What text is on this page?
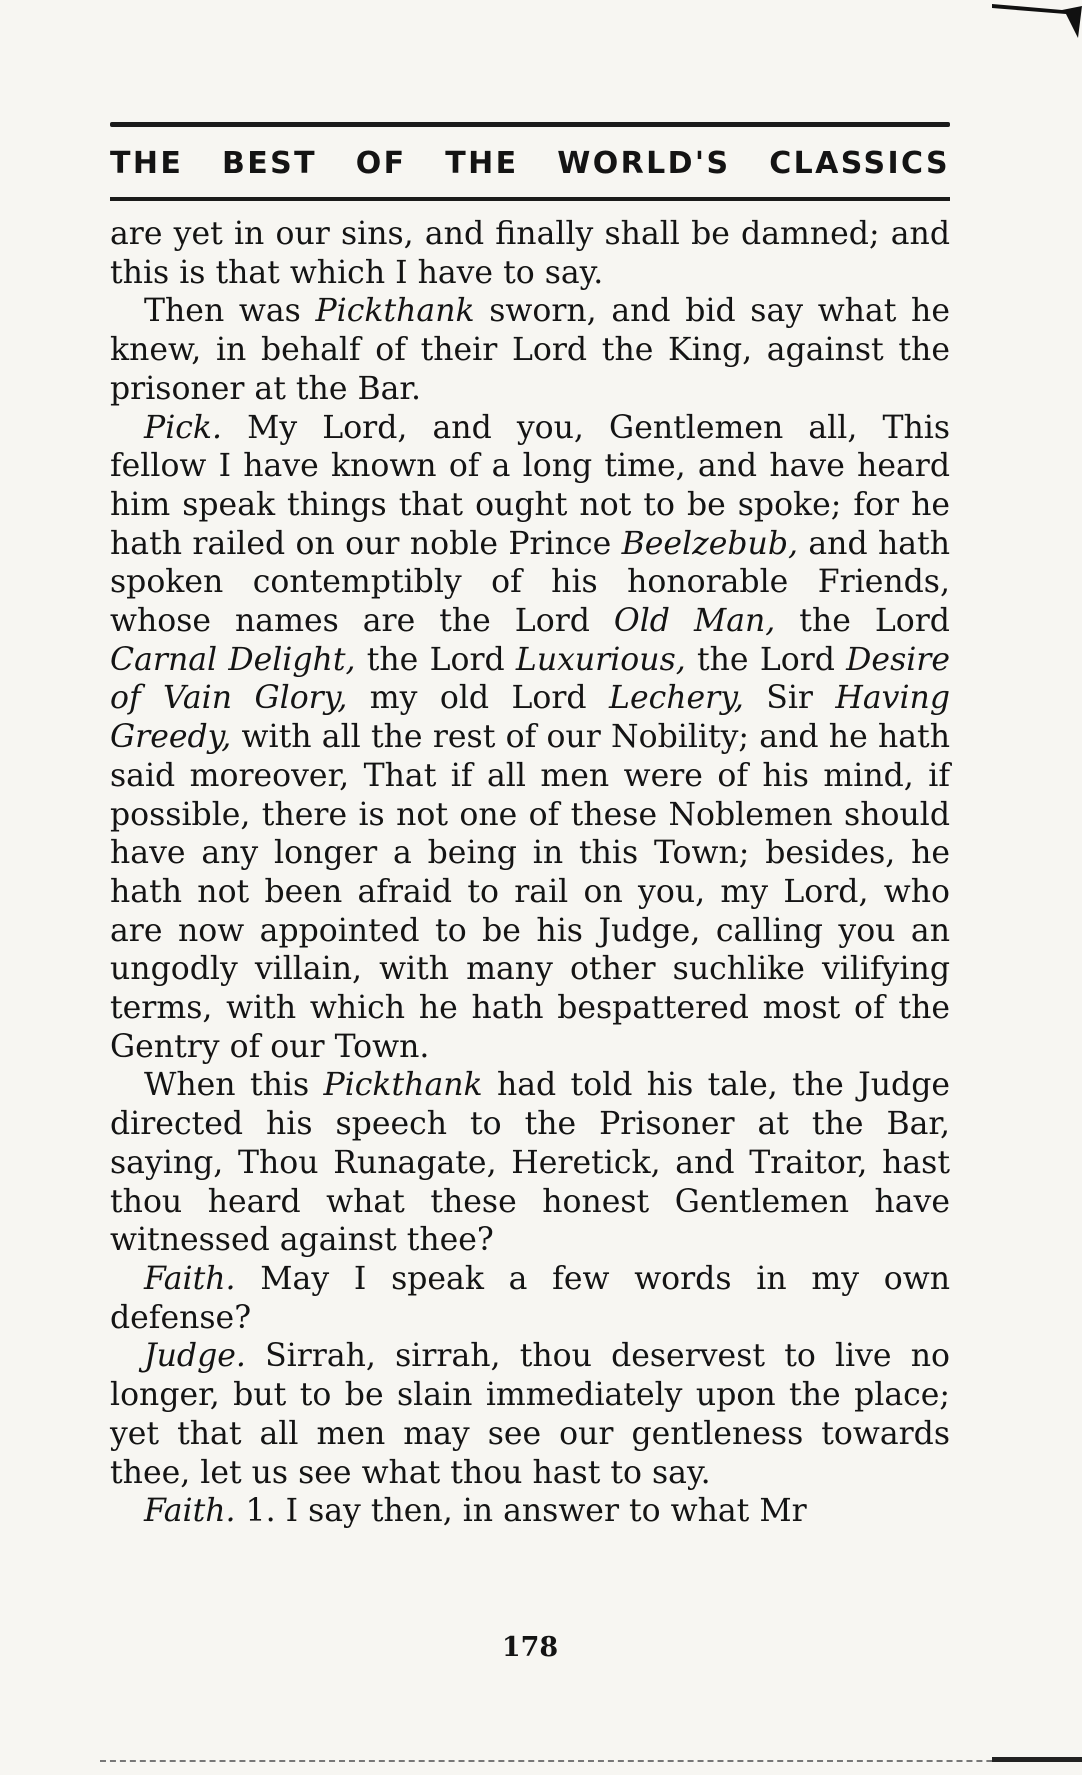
THE BEST OF THE WORLD'S CLASSICS

are yet in our sins, and finally shall be damned; and this is that which I have to say.

Then was Pickthank sworn, and bid say what he knew, in behalf of their Lord the King, against the prisoner at the Bar.

Pick. My Lord, and you, Gentlemen all, This fellow I have known of a long time, and have heard him speak things that ought not to be spoke; for he hath railed on our noble Prince Beelzebub, and hath spoken contemptibly of his honorable Friends, whose names are the Lord Old Man, the Lord Carnal Delight, the Lord Luxurious, the Lord Desire of Vain Glory, my old Lord Lechery, Sir Having Greedy, with all the rest of our Nobility; and he hath said moreover, That if all men were of his mind, if possible, there is not one of these Noblemen should have any longer a being in this Town; besides, he hath not been afraid to rail on you, my Lord, who are now appointed to be his Judge, calling you an ungodly villain, with many other suchlike vilifying terms, with which he hath bespattered most of the Gentry of our Town.

When this Pickthank had told his tale, the Judge directed his speech to the Prisoner at the Bar, saying, Thou Runagate, Heretick, and Traitor, hast thou heard what these honest Gentlemen have witnessed against thee?

Faith. May I speak a few words in my own defense?

Judge. Sirrah, sirrah, thou deservest to live no longer, but to be slain immediately upon the place; yet that all men may see our gentleness towards thee, let us see what thou hast to say.

Faith. 1. I say then, in answer to what Mr

178
